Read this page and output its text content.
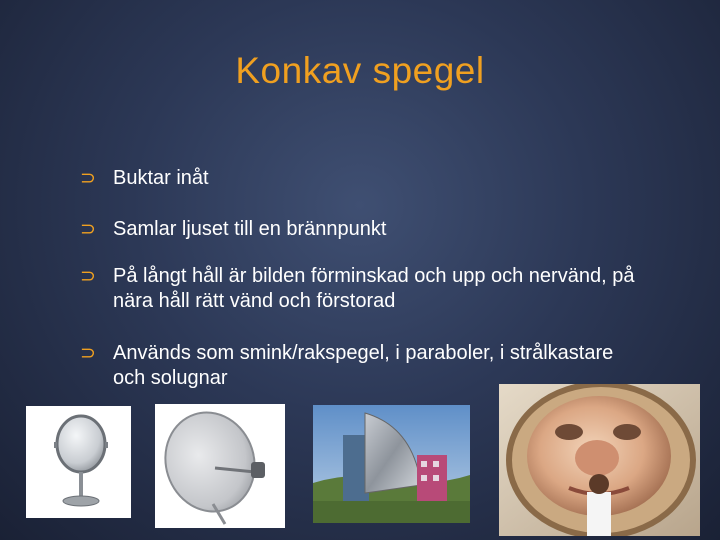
Konkav spegel
⊃ Buktar inåt
⊃ Samlar ljuset till en brännpunkt
⊃ På långt håll är bilden förminskad och upp och nervänd, på nära håll rätt vänd och förstorad
⊃ Används som smink/rakspegel, i paraboler, i strålkastare och solugnar
